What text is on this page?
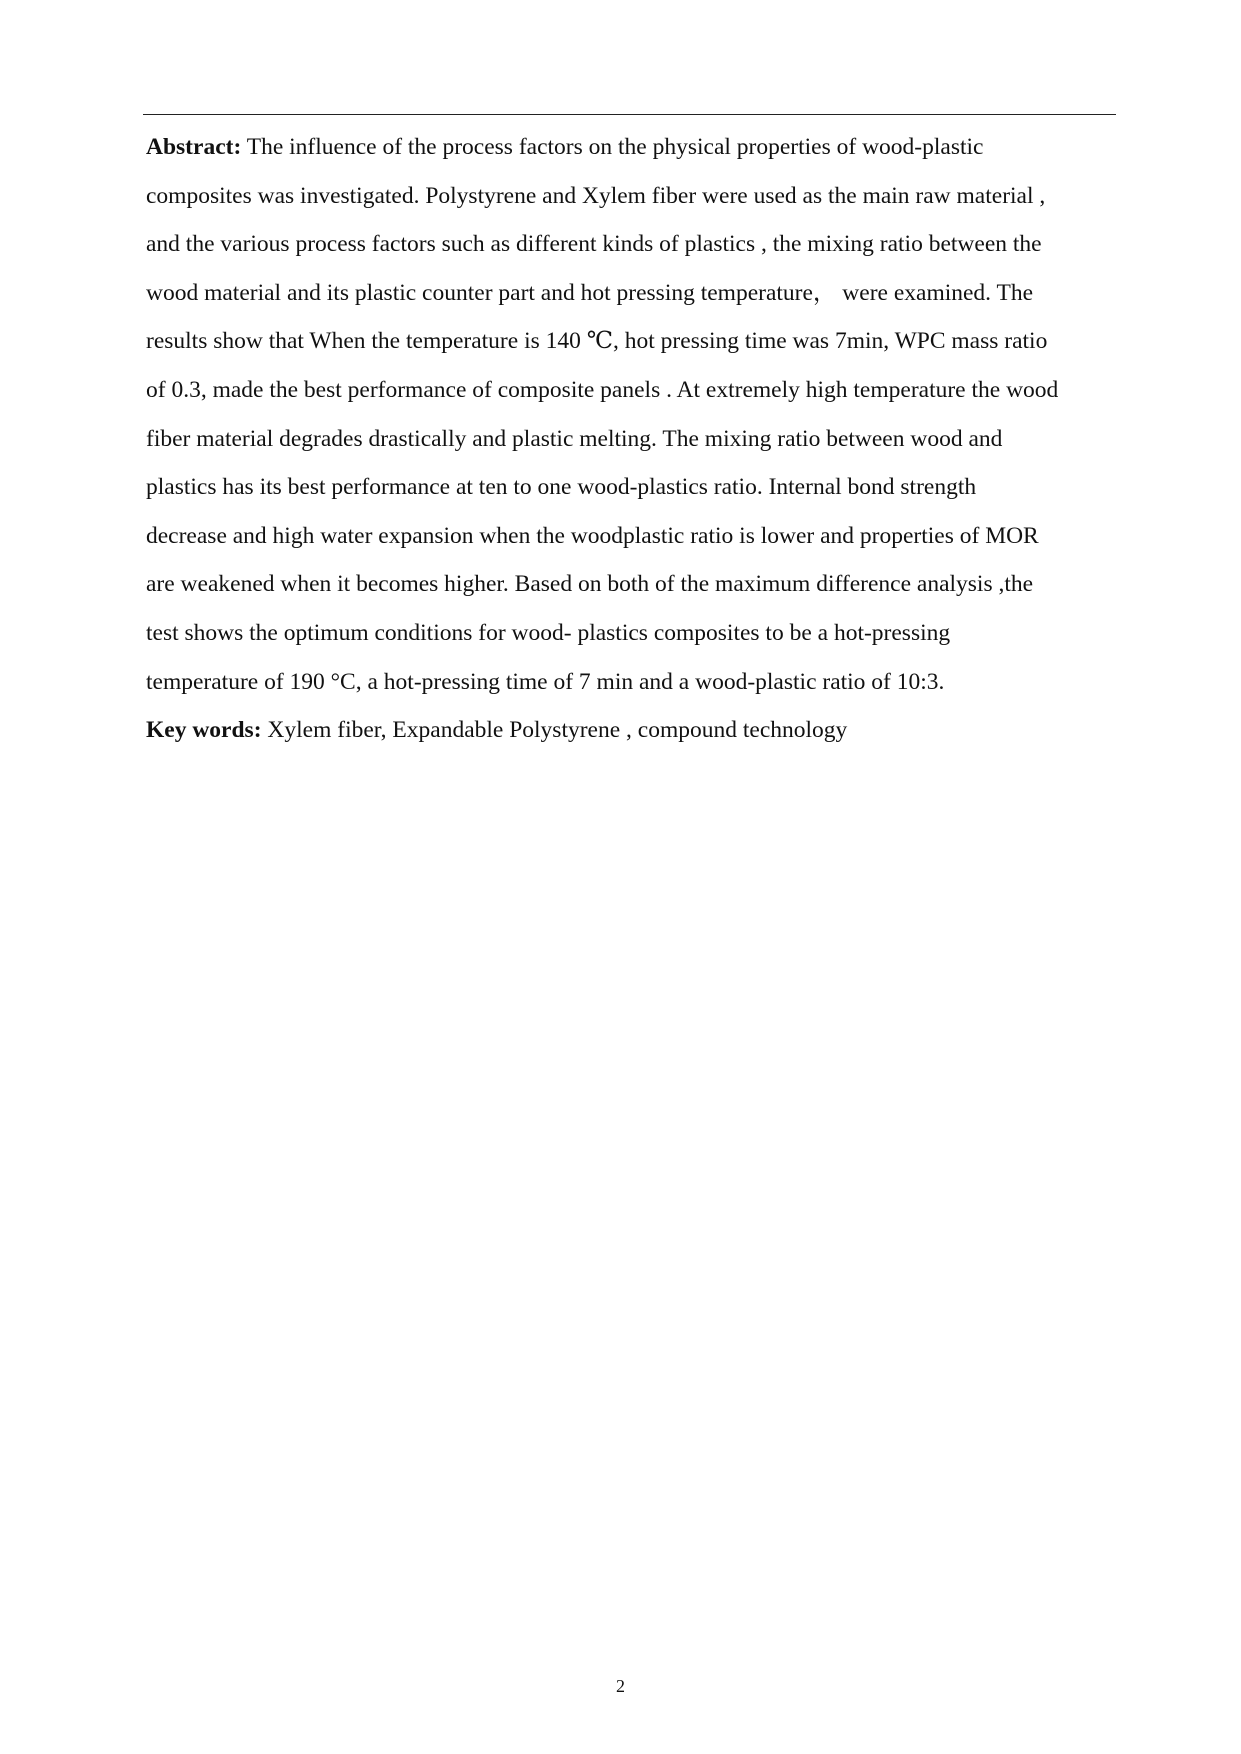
Abstract: The influence of the process factors on the physical properties of wood-plastic
composites was investigated. Polystyrene and Xylem fiber were used as the main raw material ,
and the various process factors such as different kinds of plastics , the mixing ratio between the
wood material and its plastic counter part and hot pressing temperature， were examined. The
results show that When the temperature is 140 ℃, hot pressing time was 7min, WPC mass ratio
of 0.3, made the best performance of composite panels . At extremely high temperature the wood
fiber material degrades drastically and plastic melting. The mixing ratio between wood and
plastics has its best performance at ten to one wood-plastics ratio. Internal bond strength
decrease and high water expansion when the woodplastic ratio is lower and properties of MOR
are weakened when it becomes higher. Based on both of the maximum difference analysis ,the
test shows the optimum conditions for wood- plastics composites to be a hot-pressing
temperature of 190 °C, a hot-pressing time of 7 min and a wood-plastic ratio of 10:3.
Key words: Xylem fiber, Expandable Polystyrene , compound technology
2
